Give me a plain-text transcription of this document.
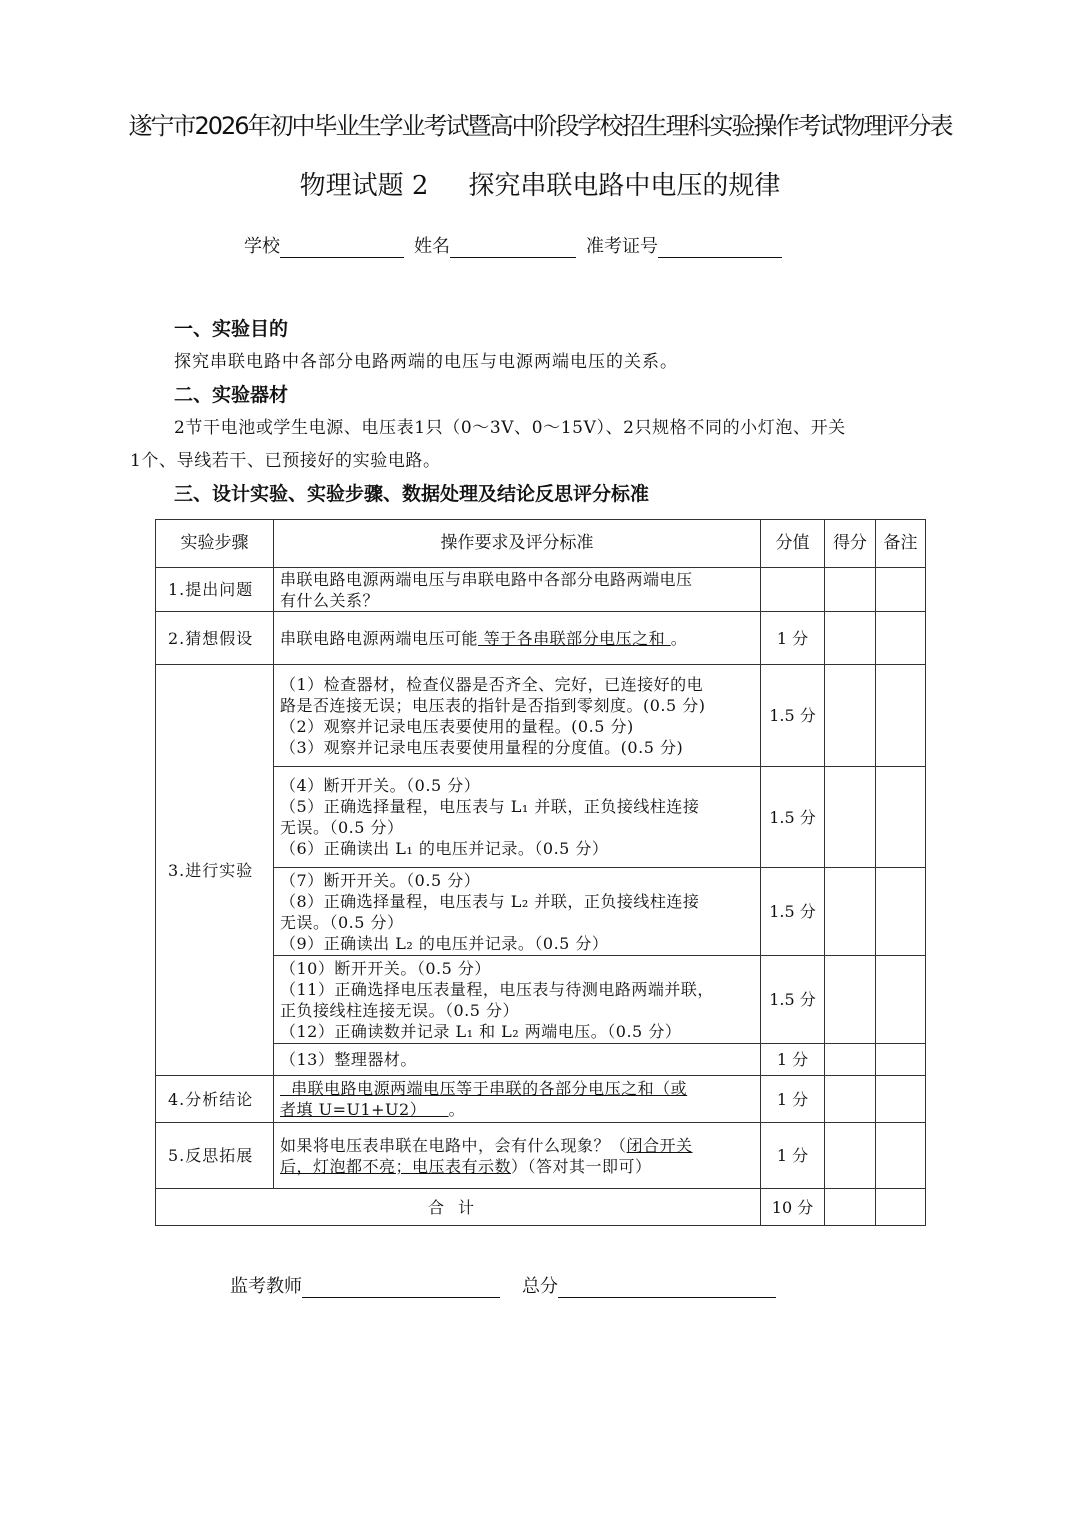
遂宁市2026年初中毕业生学业考试暨高中阶段学校招生理科实验操作考试物理评分表
物理试题 2 探究串联电路中电压的规律
学校	姓名	准考证号
一、实验目的
探究串联电路中各部分电路两端的电压与电源两端电压的关系。
二、实验器材
2节干电池或学生电源、电压表1只（0～3V、0～15V）、2只规格不同的小灯泡、开关
1个、导线若干、已预接好的实验电路。
三、设计实验、实验步骤、数据处理及结论反思评分标准
实验步骤	操作要求及评分标准	分值	得分	备注
1.提出问题	串联电路电源两端电压与串联电路中各部分电路两端电压
有什么关系？			

2.猜想假设	串联电路电源两端电压可能 等于各串联部分电压之和 。	1 分		
3.进行实验	（1）检查器材，检查仪器是否齐全、完好，已连接好的电
路是否连接无误；电压表的指针是否指到零刻度。(0.5 分)
（2）观察并记录电压表要使用的量程。(0.5 分)
（3）观察并记录电压表要使用量程的分度值。(0.5 分)	1.5 分		

	（4）断开开关。（0.5 分）
（5）正确选择量程，电压表与 L₁ 并联，正负接线柱连接
无误。（0.5 分）
（6）正确读出 L₁ 的电压并记录。（0.5 分）	1.5 分		

	（7）断开开关。（0.5 分）
（8）正确选择量程，电压表与 L₂ 并联，正负接线柱连接
无误。（0.5 分）
（9）正确读出 L₂ 的电压并记录。（0.5 分）	1.5 分		

	（10）断开开关。（0.5 分）
（11）正确选择电压表量程，电压表与待测电路两端并联，
正负接线柱连接无误。（0.5 分）
（12）正确读数并记录 L₁ 和 L₂ 两端电压。（0.5 分）	1.5 分		

	（13）整理器材。	1 分		
4.分析结论	串联电路电源两端电压等于串联的各部分电压之和（或
者填 U=U1+U2）    。	1 分		
5.反思拓展	如果将电压表串联在电路中，会有什么现象？（闭合开关
后，灯泡都不亮；电压表有示数）（答对其一即可）	1 分		
合计		10 分		
监考教师	总分
